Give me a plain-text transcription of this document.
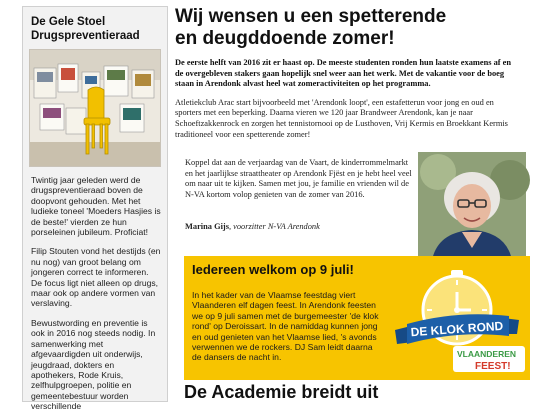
De Gele Stoel
Drugspreventieraad

Twintig jaar geleden werd de drugspreventieraad boven de doopvont gehouden. Met het ludieke toneel 'Moeders Hasjies is de beste!' vierden ze hun porseleinen jubileum. Proficiat!

Filip Stouten vond het destijds (en nu nog) van groot belang om jongeren correct te informeren. De focus ligt niet alleen op drugs, maar ook op andere vormen van verslaving.

Bewustwording en preventie is ook in 2016 nog steeds nodig. In samenwerking met afgevaardigden uit onderwijs, jeugdraad, dokters en apothekers, Rode Kruis, zelfhulpgroepen, politie en gemeentebestuur worden verschillende

Wij wensen u een spetterende
en deugddoende zomer!

De eerste helft van 2016 zit er haast op. De meeste studenten ronden hun laatste examens af en de overgebleven stakers gaan hopelijk snel weer aan het werk. Met de vakantie voor de boeg staan in Arendonk alvast heel wat zomeractiviteiten op het programma.

Atletiekclub Arac start bijvoorbeeld met 'Arendonk loopt', een estafetterun voor jong en oud en sporters met een beperking. Daarna vieren we 120 jaar Brandweer Arendonk, kan je naar Schoeftzakkenrock en zorgen het tennistornooi op de Lusthoven, Vrij Kermis en Broekkant Kermis traditioneel voor een spetterende zomer!

Koppel dat aan de verjaardag van de Vaart, de kinderrommelmarkt en het jaarlijkse straattheater op Arendonk Fjëst en je hebt heel veel om naar uit te kijken. Samen met jou, je familie en vrienden wil de N-VA kortom volop genieten van de zomer van 2016.

Marina Gijs, voorzitter N-VA Arendonk
Iedereen welkom op 9 juli!
In het kader van de Vlaamse feestdag viert Vlaanderen elf dagen feest. In Arendonk feesten we op 9 juli samen met de burgemeester 'de klok rond' op Deroissart. In de namiddag kunnen jong en oud genieten van het Vlaamse lied, 's avonds verwennen we de rockers. DJ Sam leidt daarna de dansers de nacht in.
DE KLOK ROND
VLAANDEREN
FEEST!
De Academie breidt uit
